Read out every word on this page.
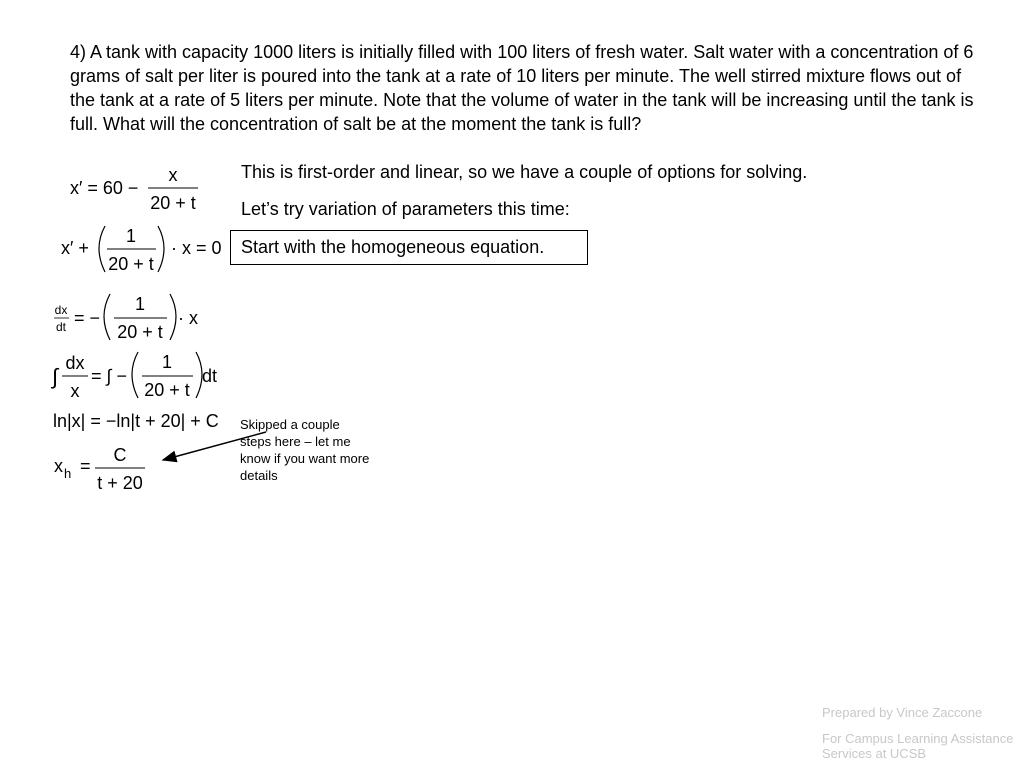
4) A tank with capacity 1000 liters is initially filled with 100 liters of fresh water. Salt water with a concentration of 6 grams of salt per liter is poured into the tank at a rate of 10 liters per minute. The well stirred mixture flows out of the tank at a rate of 5 liters per minute. Note that the volume of water in the tank will be increasing until the tank is full. What will the concentration of salt be at the moment the tank is full?
This is first-order and linear, so we have a couple of options for solving.
Let’s try variation of parameters this time:
Start with the homogeneous equation.
Skipped a couple steps here – let me know if you want more details
x′ = 60 −
x
20 + t
x′ +
1
20 + t
· x = 0
dx
dt = −
1
20 + t
· x
∫
dx
x
= ∫ −
1
20 + t
dt
ln|x| = −ln|t + 20| + C
x h =
C
t + 20
Prepared by Vince Zaccone
For Campus Learning Assistance Services at UCSB
